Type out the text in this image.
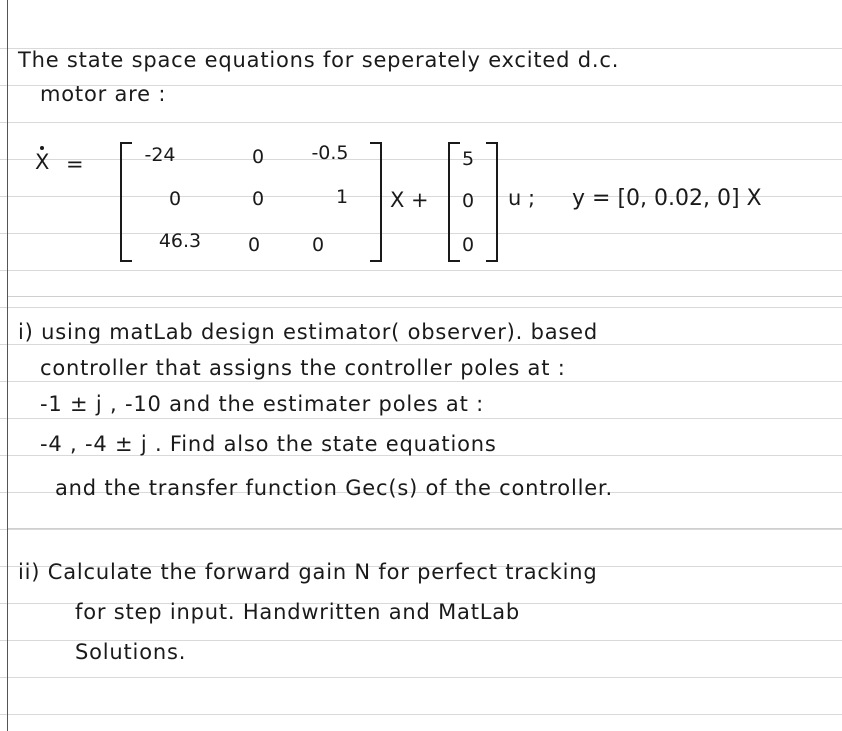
The state space equations for seperately excited d.c.
motor are :
X =	-24	0	-0.5
0	0	1
46.3	0	0
X +
5
0
0
u ; y = [0, 0.02, 0] X
i) using matLab design estimator( observer). based
controller that assigns the controller poles at :
-1 ± j , -10 and the estimater poles at :
-4 , -4 ± j . Find also the state equations
and the transfer function Gec(s) of the controller.
ii) Calculate the forward gain N for perfect tracking
for step input. Handwritten and MatLab
Solutions.
